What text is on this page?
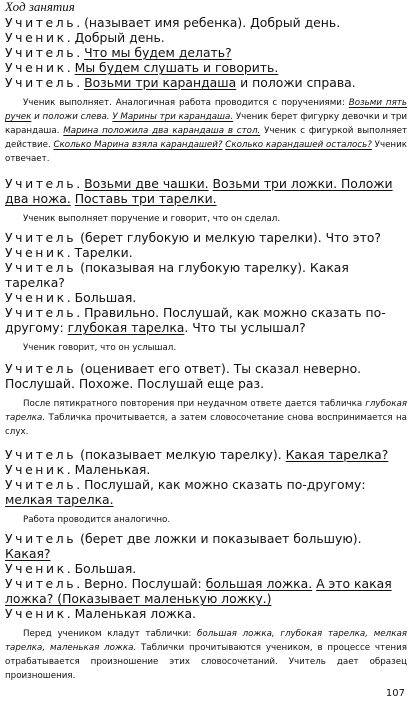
Ход занятия

Учитель. (называет имя ребенка). Добрый день.

Ученик. Добрый день.

Учитель. Что мы будем делать?

Ученик. Мы будем слушать и говорить.

Учитель. Возьми три карандаша и положи справа.

Ученик выполняет. Аналогичная работа проводится с поручениями: Возьми пять ручек и положи слева. У Марины три карандаша. Ученик берет фигурку девочки и три карандаша. Марина положила два карандаша в стол. Ученик с фигуркой выполняет действие. Сколько Марина взяла карандашей? Сколько карандашей осталось? Ученик отвечает.

Учитель. Возьми две чашки. Возьми три ложки. Положи два ножа. Поставь три тарелки.

Ученик выполняет поручение и говорит, что он сделал.

Учитель (берет глубокую и мелкую тарелки). Что это?

Ученик. Тарелки.

Учитель (показывая на глубокую тарелку). Какая тарелка?

Ученик. Большая.

Учитель. Правильно. Послушай, как можно сказать по-другому: глубокая тарелка. Что ты услышал?

Ученик говорит, что он услышал.

Учитель (оценивает его ответ). Ты сказал неверно. Послушай. Похоже. Послушай еще раз.

После пятикратного повторения при неудачном ответе дается табличка глубокая тарелка. Табличка прочитывается, а затем словосочетание снова воспринимается на слух.

Учитель (показывает мелкую тарелку). Какая тарелка?

Ученик. Маленькая.

Учитель. Послушай, как можно сказать по-другому: мелкая тарелка.

Работа проводится аналогично.

Учитель (берет две ложки и показывает большую). Какая?

Ученик. Большая.

Учитель. Верно. Послушай: большая ложка. А это какая ложка? (Показывает маленькую ложку.)

Ученик. Маленькая ложка.

Перед учеником кладут таблички: большая ложка, глубокая тарелка, мелкая тарелка, маленькая ложка. Таблички прочитываются учеником, в процессе чтения отрабатывается произношение этих словосочетаний. Учитель дает образец произношения.

107
